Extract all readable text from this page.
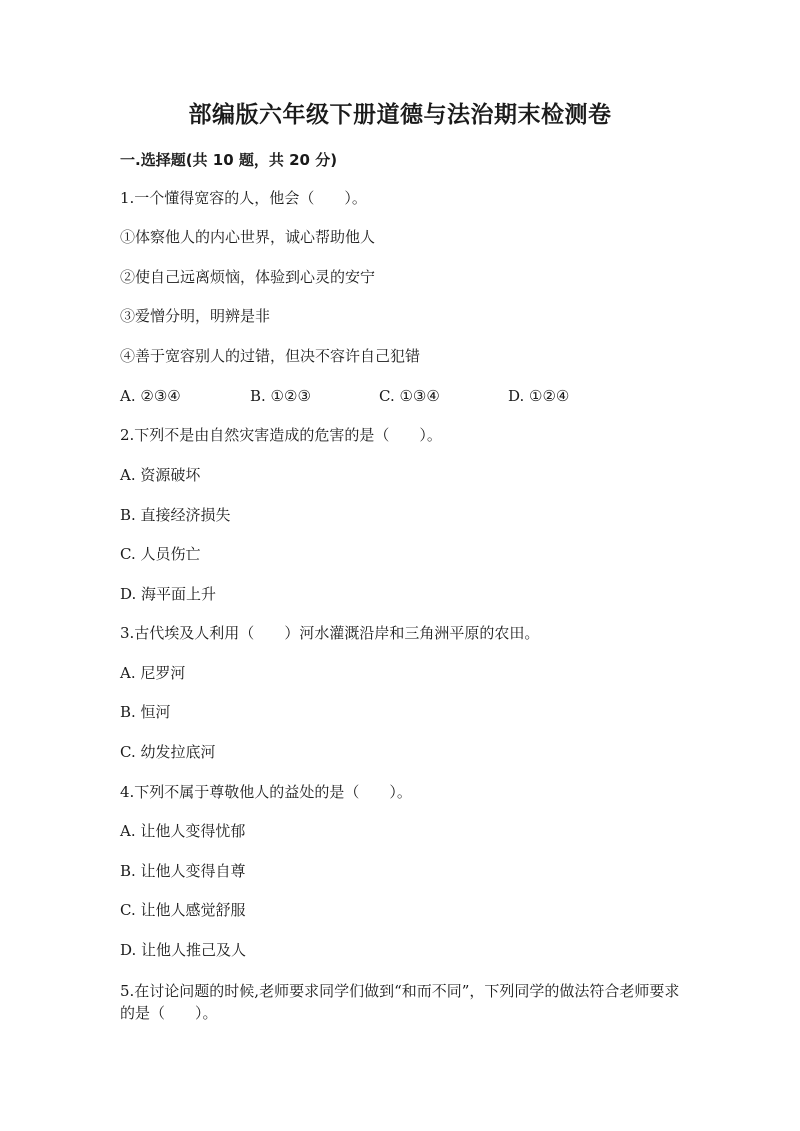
部编版六年级下册道德与法治期末检测卷
一.选择题(共 10 题，共 20 分)
1.一个懂得宽容的人，他会（　　）。
①体察他人的内心世界，诚心帮助他人
②使自己远离烦恼，体验到心灵的安宁
③爱憎分明，明辨是非
④善于宽容别人的过错，但决不容许自己犯错
A. ②③④	B. ①②③	C. ①③④	D. ①②④
2.下列不是由自然灾害造成的危害的是（　　）。
A. 资源破坏
B. 直接经济损失
C. 人员伤亡
D. 海平面上升
3.古代埃及人利用（　　）河水灌溉沿岸和三角洲平原的农田。
A. 尼罗河
B. 恒河
C. 幼发拉底河
4.下列不属于尊敬他人的益处的是（　　）。
A. 让他人变得忧郁
B. 让他人变得自尊
C. 让他人感觉舒服
D. 让他人推己及人
5.在讨论问题的时候,老师要求同学们做到“和而不同”，下列同学的做法符合老师要求的是（　　）。
